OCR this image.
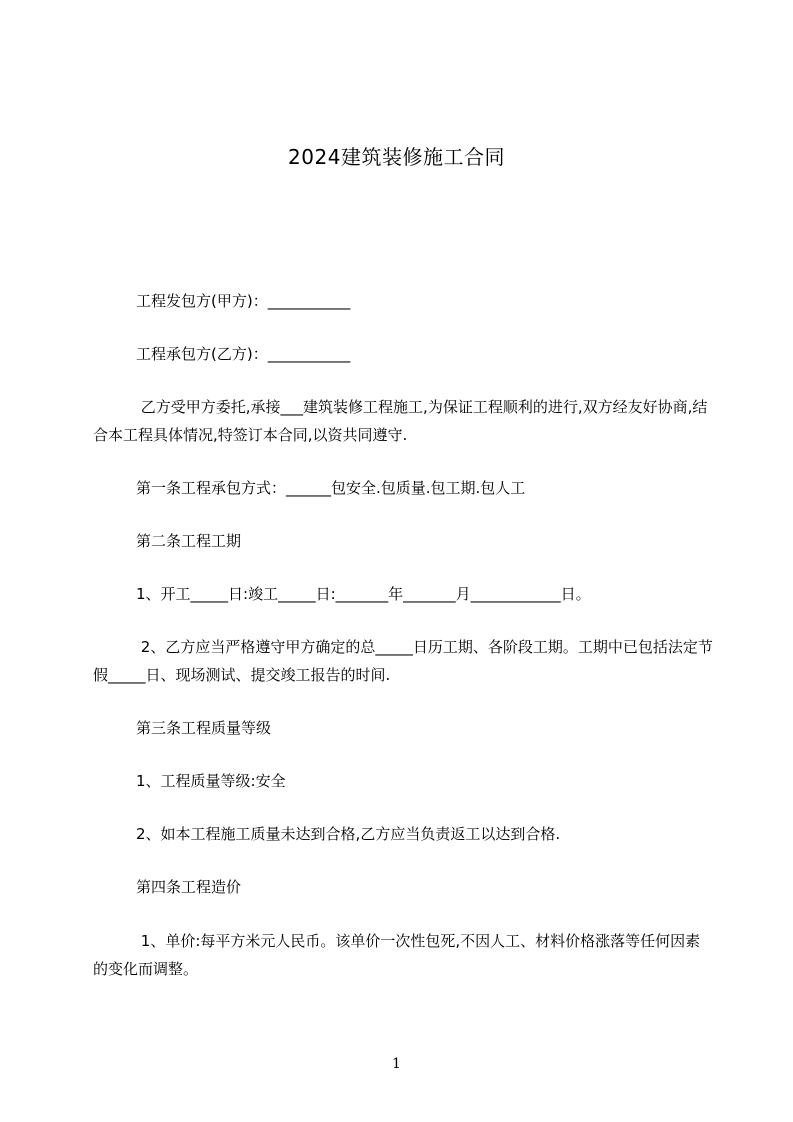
2024建筑装修施工合同
工程发包方(甲方)：___________
工程承包方(乙方)：___________
乙方受甲方委托,承接___建筑装修工程施工,为保证工程顺利的进行,双方经友好协商,结合本工程具体情况,特签订本合同,以资共同遵守.
第一条工程承包方式：______包安全.包质量.包工期.包人工
第二条工程工期
1、开工_____日:竣工_____日:_______年_______月____________日。
2、乙方应当严格遵守甲方确定的总_____日历工期、各阶段工期。工期中已包括法定节假_____日、现场测试、提交竣工报告的时间.
第三条工程质量等级
1、工程质量等级:安全
2、如本工程施工质量未达到合格,乙方应当负责返工以达到合格.
第四条工程造价
1、单价:每平方米元人民币。该单价一次性包死,不因人工、材料价格涨落等任何因素的变化而调整。
1
